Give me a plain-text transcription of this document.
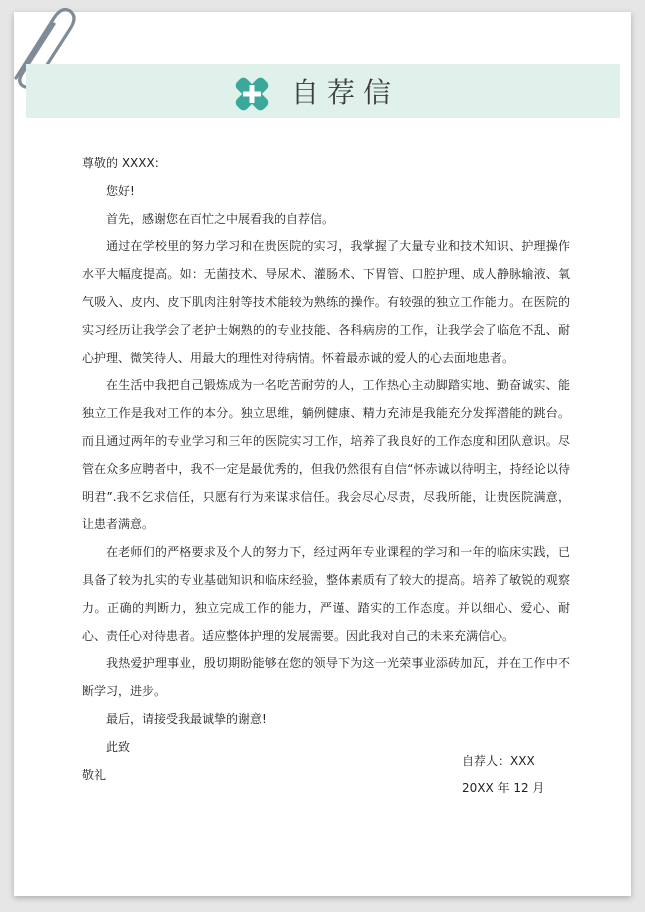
自荐信

尊敬的 XXXX:

您好!

首先，感谢您在百忙之中展看我的自荐信。

通过在学校里的努力学习和在贵医院的实习，我掌握了大量专业和技术知识、护理操作水平大幅度提高。如：无菌技术、导尿术、灌肠术、下胃管、口腔护理、成人静脉输液、氧气吸入、皮内、皮下肌肉注射等技术能较为熟练的操作。有较强的独立工作能力。在医院的实习经历让我学会了老护士娴熟的的专业技能、各科病房的工作，让我学会了临危不乱、耐心护理、微笑待人、用最大的理性对待病情。怀着最赤诚的爱人的心去面地患者。

在生活中我把自己锻炼成为一名吃苦耐劳的人，工作热心主动脚踏实地、勤奋诚实、能独立工作是我对工作的本分。独立思维，躺例健康、精力充沛是我能充分发挥潜能的跳台。而且通过两年的专业学习和三年的医院实习工作，培养了我良好的工作态度和团队意识。尽管在众多应聘者中，我不一定是最优秀的，但我仍然很有自信“怀赤诚以待明主，持经论以待明君”.我不乞求信任，只愿有行为来谋求信任。我会尽心尽责，尽我所能，让贵医院满意，让患者满意。

在老师们的严格要求及个人的努力下，经过两年专业课程的学习和一年的临床实践，已具备了较为扎实的专业基础知识和临床经验，整体素质有了较大的提高。培养了敏锐的观察力。正确的判断力，独立完成工作的能力，严谨、踏实的工作态度。并以细心、爱心、耐心、责任心对待患者。适应整体护理的发展需要。因此我对自己的未来充满信心。

我热爱护理事业，殷切期盼能够在您的领导下为这一光荣事业添砖加瓦，并在工作中不断学习，进步。

最后，请接受我最诚挚的谢意!

此致

敬礼

自荐人：XXX
20XX 年 12 月
